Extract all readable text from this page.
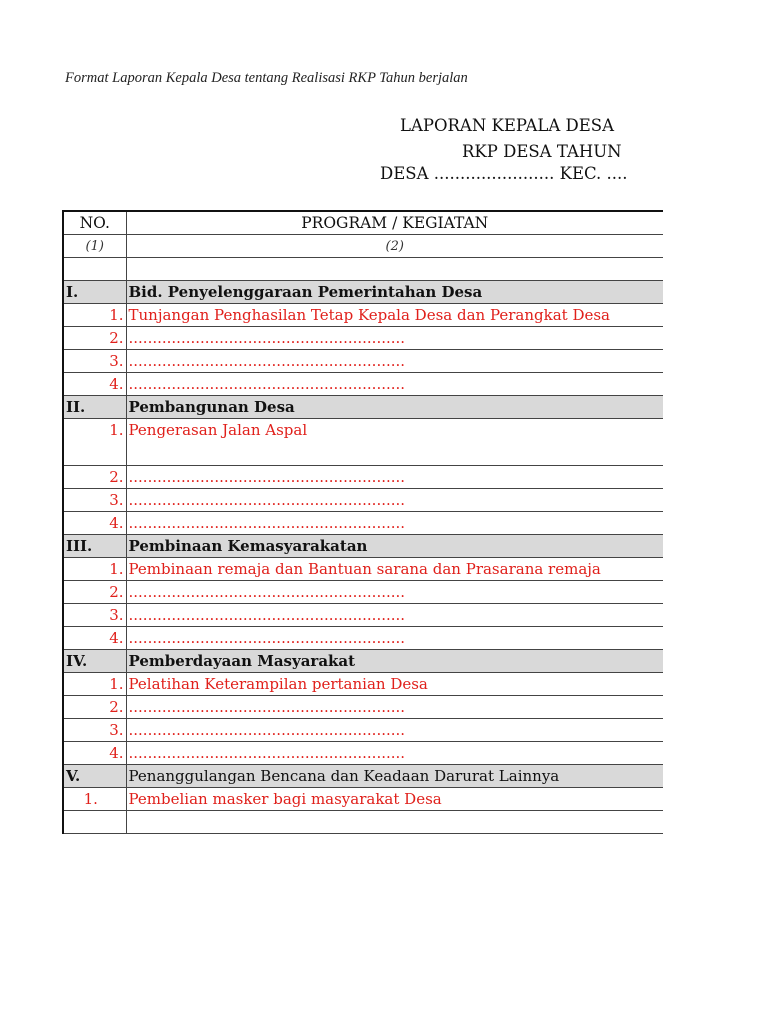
Format Laporan Kepala Desa tentang Realisasi RKP Tahun berjalan
LAPORAN KEPALA DESA
RKP DESA TAHUN
DESA ....................... KEC. ....
NO.	PROGRAM / KEGIATAN
(1)	(2)

I.	Bid. Penyelenggaraan Pemerintahan Desa
1.	Tunjangan Penghasilan Tetap Kepala Desa dan Perangkat Desa
2.	..........................................................
3.	..........................................................
4.	..........................................................
II.	Pembangunan Desa
1.	Pengerasan Jalan Aspal
2.	..........................................................
3.	..........................................................
4.	..........................................................
III.	Pembinaan Kemasyarakatan
1.	Pembinaan remaja dan Bantuan sarana dan Prasarana remaja
2.	..........................................................
3.	..........................................................
4.	..........................................................
IV.	Pemberdayaan Masyarakat
1.	Pelatihan Keterampilan pertanian Desa
2.	..........................................................
3.	..........................................................
4.	..........................................................
V.	Penanggulangan Bencana dan Keadaan Darurat Lainnya
1.	Pembelian masker bagi masyarakat Desa
